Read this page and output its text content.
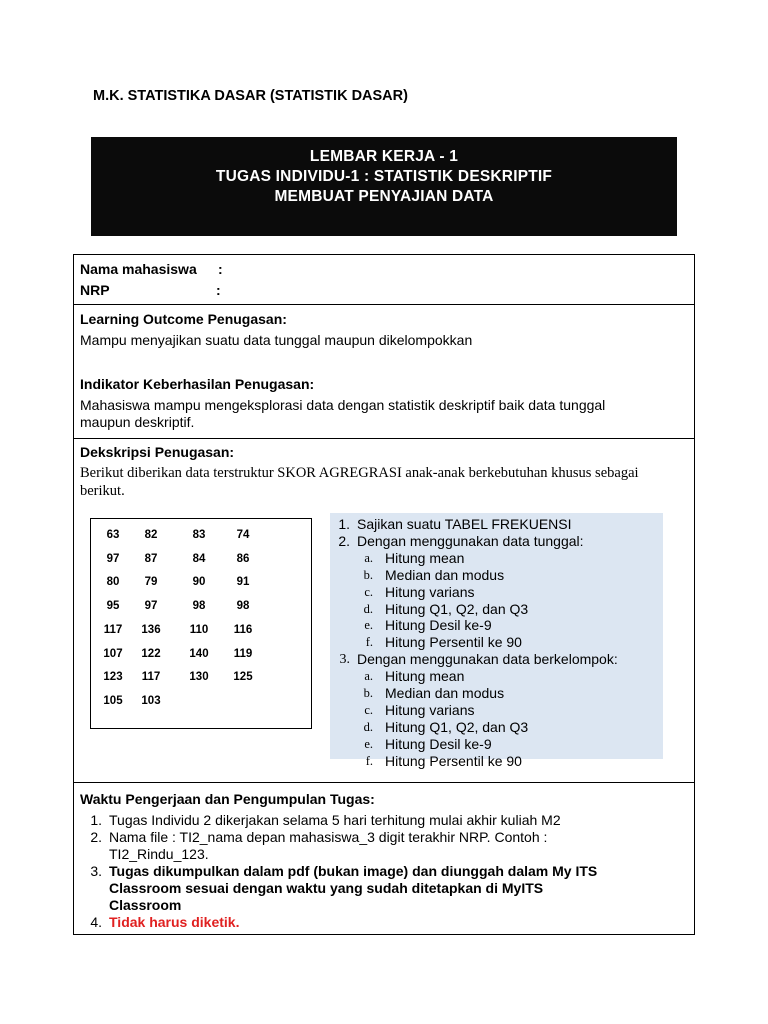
M.K. STATISTIKA DASAR (STATISTIK DASAR)
LEMBAR KERJA - 1
TUGAS INDIVIDU-1 : STATISTIK DESKRIPTIF
MEMBUAT PENYAJIAN DATA
Nama mahasiswa :
NRP	:
Learning Outcome Penugasan:
Mampu menyajikan suatu data tunggal maupun dikelompokkan
Indikator Keberhasilan Penugasan:
Mahasiswa mampu mengeksplorasi data dengan statistik deskriptif baik data tunggal
maupun deskriptif.
Dekskripsi Penugasan:
Berikut diberikan data terstruktur SKOR AGREGRASI anak-anak berkebutuhan khusus sebagai
berikut.
63	82	83	74
97	87	84	86
80	79	90	91
95	97	98	98
117	136	110	116
107	122	140	119
123	117	130	125
105	103
1. Sajikan suatu TABEL FREKUENSI
2. Dengan menggunakan data tunggal:
a. Hitung mean
b. Median dan modus
c. Hitung varians
d. Hitung Q1, Q2, dan Q3
e. Hitung Desil ke-9
f. Hitung Persentil ke 90
3. Dengan menggunakan data berkelompok:
a. Hitung mean
b. Median dan modus
c. Hitung varians
d. Hitung Q1, Q2, dan Q3
e. Hitung Desil ke-9
f. Hitung Persentil ke 90
Waktu Pengerjaan dan Pengumpulan Tugas:
1. Tugas Individu 2 dikerjakan selama 5 hari terhitung mulai akhir kuliah M2
2. Nama file : TI2_nama depan mahasiswa_3 digit terakhir NRP. Contoh :
TI2_Rindu_123.
3. Tugas dikumpulkan dalam pdf (bukan image) dan diunggah dalam My ITS
Classroom sesuai dengan waktu yang sudah ditetapkan di MyITS
Classroom
4. Tidak harus diketik.
